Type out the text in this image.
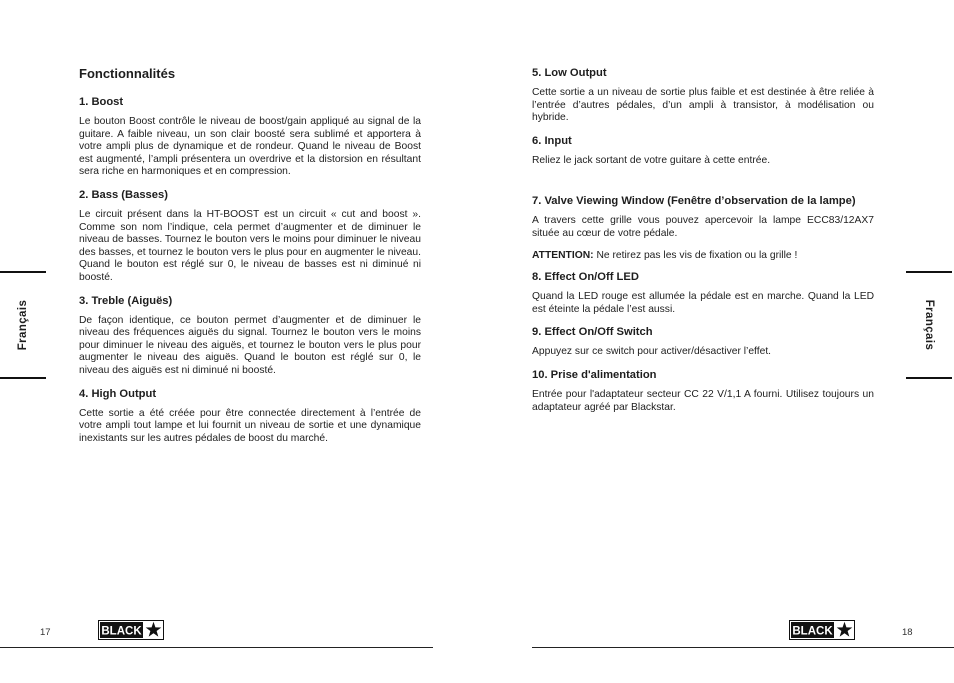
Fonctionnalités
1. Boost
Le bouton Boost contrôle le niveau de boost/gain appliqué au signal de la guitare. A faible niveau, un son clair boosté sera sublimé et apportera à votre ampli plus de dynamique et de rondeur. Quand le niveau de Boost est augmenté, l’ampli présentera un overdrive et la distorsion en résultant sera riche en harmoniques et en compression.
2. Bass (Basses)
Le circuit présent dans la HT-BOOST est un circuit « cut and boost ». Comme son nom l’indique, cela permet d’augmenter et de diminuer le niveau de basses. Tournez le bouton vers le moins pour diminuer le niveau des basses, et tournez le bouton vers le plus pour en augmenter le niveau. Quand le bouton est réglé sur 0, le niveau de basses est ni diminué ni boosté.
3. Treble (Aiguës)
De façon identique, ce bouton permet d’augmenter et de diminuer le niveau des fréquences aiguës du signal. Tournez le bouton vers le moins pour diminuer le niveau des aiguës, et tournez le bouton vers le plus pour augmenter le niveau des aiguës. Quand le bouton est réglé sur 0, le niveau des aiguës est ni diminué ni boosté.
4. High Output
Cette sortie a été créée pour être connectée directement à l’entrée de votre ampli tout lampe et lui fournit un niveau de sortie et une dynamique inexistants sur les autres pédales de boost du marché.
5. Low Output
Cette sortie a un niveau de sortie plus faible et est destinée à être reliée à l’entrée d’autres pédales, d’un ampli à transistor, à modélisation ou hybride.
6. Input
Reliez le jack sortant de votre guitare à cette entrée.
7. Valve Viewing Window (Fenêtre d’observation de la lampe)
A travers cette grille vous pouvez apercevoir la lampe ECC83/12AX7 située au cœur de votre pédale.
ATTENTION: Ne retirez pas les vis de fixation ou la grille !
8. Effect On/Off LED
Quand la LED rouge est allumée la pédale est en marche. Quand la LED est éteinte la pédale l’est aussi.
9. Effect On/Off Switch
Appuyez sur ce switch pour activer/désactiver l’effet.
10. Prise d'alimentation
Entrée pour l'adaptateur secteur CC 22 V/1,1 A fourni. Utilisez toujours un adaptateur agréé par Blackstar.
Français	Français
17	18
BLACK	BLACK
